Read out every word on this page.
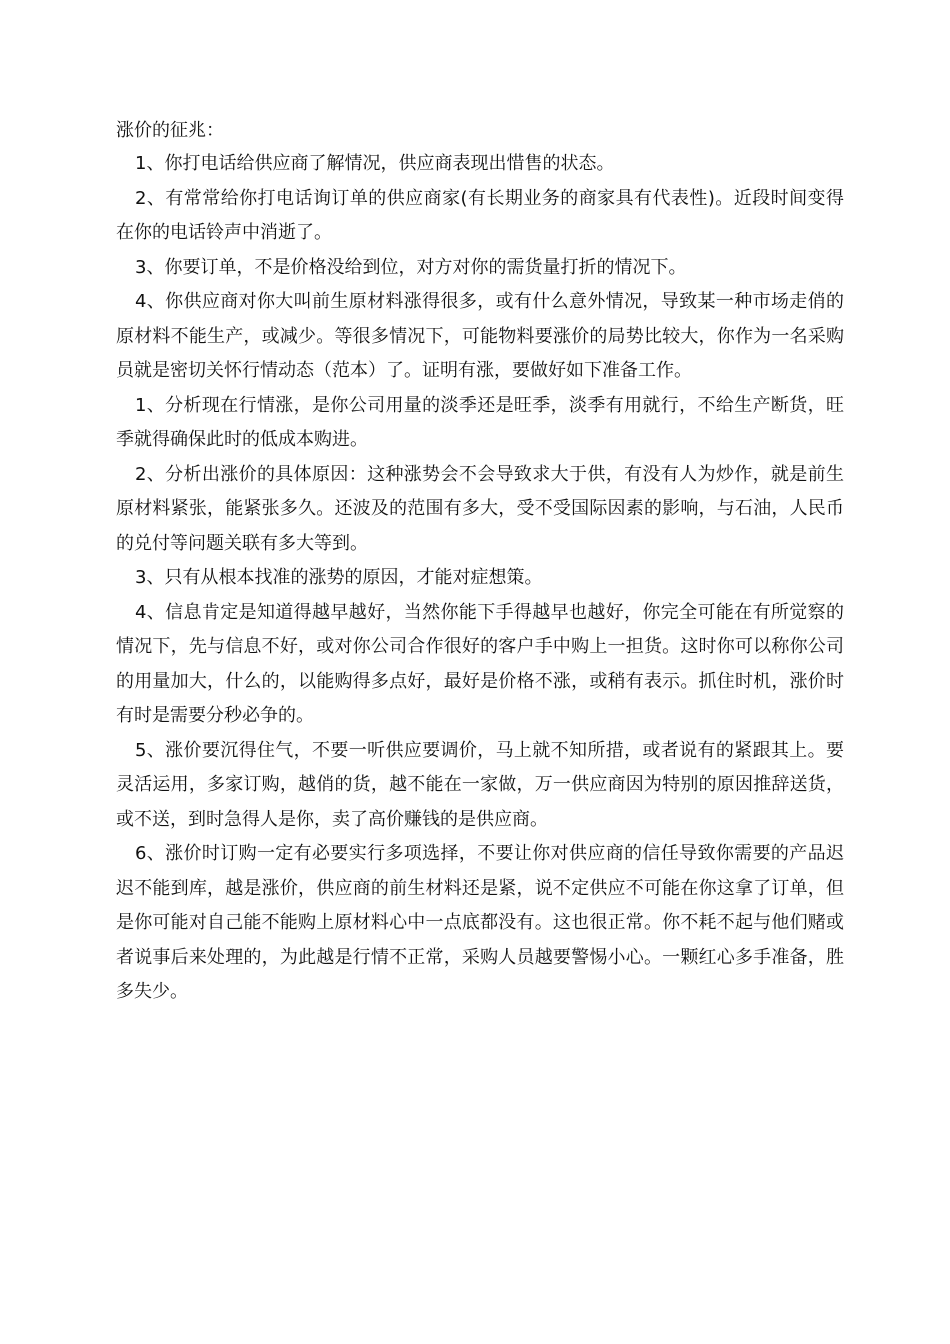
涨价的征兆：

1、你打电话给供应商了解情况，供应商表现出惜售的状态。

2、有常常给你打电话询订单的供应商家(有长期业务的商家具有代表性)。近段时间变得在你的电话铃声中消逝了。

3、你要订单，不是价格没给到位，对方对你的需货量打折的情况下。

4、你供应商对你大叫前生原材料涨得很多，或有什么意外情况，导致某一种市场走俏的原材料不能生产，或减少。等很多情况下，可能物料要涨价的局势比较大，你作为一名采购员就是密切关怀行情动态（范本）了。证明有涨，要做好如下准备工作。

1、分析现在行情涨，是你公司用量的淡季还是旺季，淡季有用就行，不给生产断货，旺季就得确保此时的低成本购进。

2、分析出涨价的具体原因：这种涨势会不会导致求大于供，有没有人为炒作，就是前生原材料紧张，能紧张多久。还波及的范围有多大，受不受国际因素的影响，与石油，人民币的兑付等问题关联有多大等到。

3、只有从根本找准的涨势的原因，才能对症想策。

4、信息肯定是知道得越早越好，当然你能下手得越早也越好，你完全可能在有所觉察的情况下，先与信息不好，或对你公司合作很好的客户手中购上一担货。这时你可以称你公司的用量加大，什么的，以能购得多点好，最好是价格不涨，或稍有表示。抓住时机，涨价时有时是需要分秒必争的。

5、涨价要沉得住气，不要一听供应要调价，马上就不知所措，或者说有的紧跟其上。要灵活运用，多家订购，越俏的货，越不能在一家做，万一供应商因为特别的原因推辞送货，或不送，到时急得人是你，卖了高价赚钱的是供应商。

6、涨价时订购一定有必要实行多项选择，不要让你对供应商的信任导致你需要的产品迟迟不能到库，越是涨价，供应商的前生材料还是紧，说不定供应不可能在你这拿了订单，但是你可能对自己能不能购上原材料心中一点底都没有。这也很正常。你不耗不起与他们赌或者说事后来处理的，为此越是行情不正常，采购人员越要警惕小心。一颗红心多手准备，胜多失少。
